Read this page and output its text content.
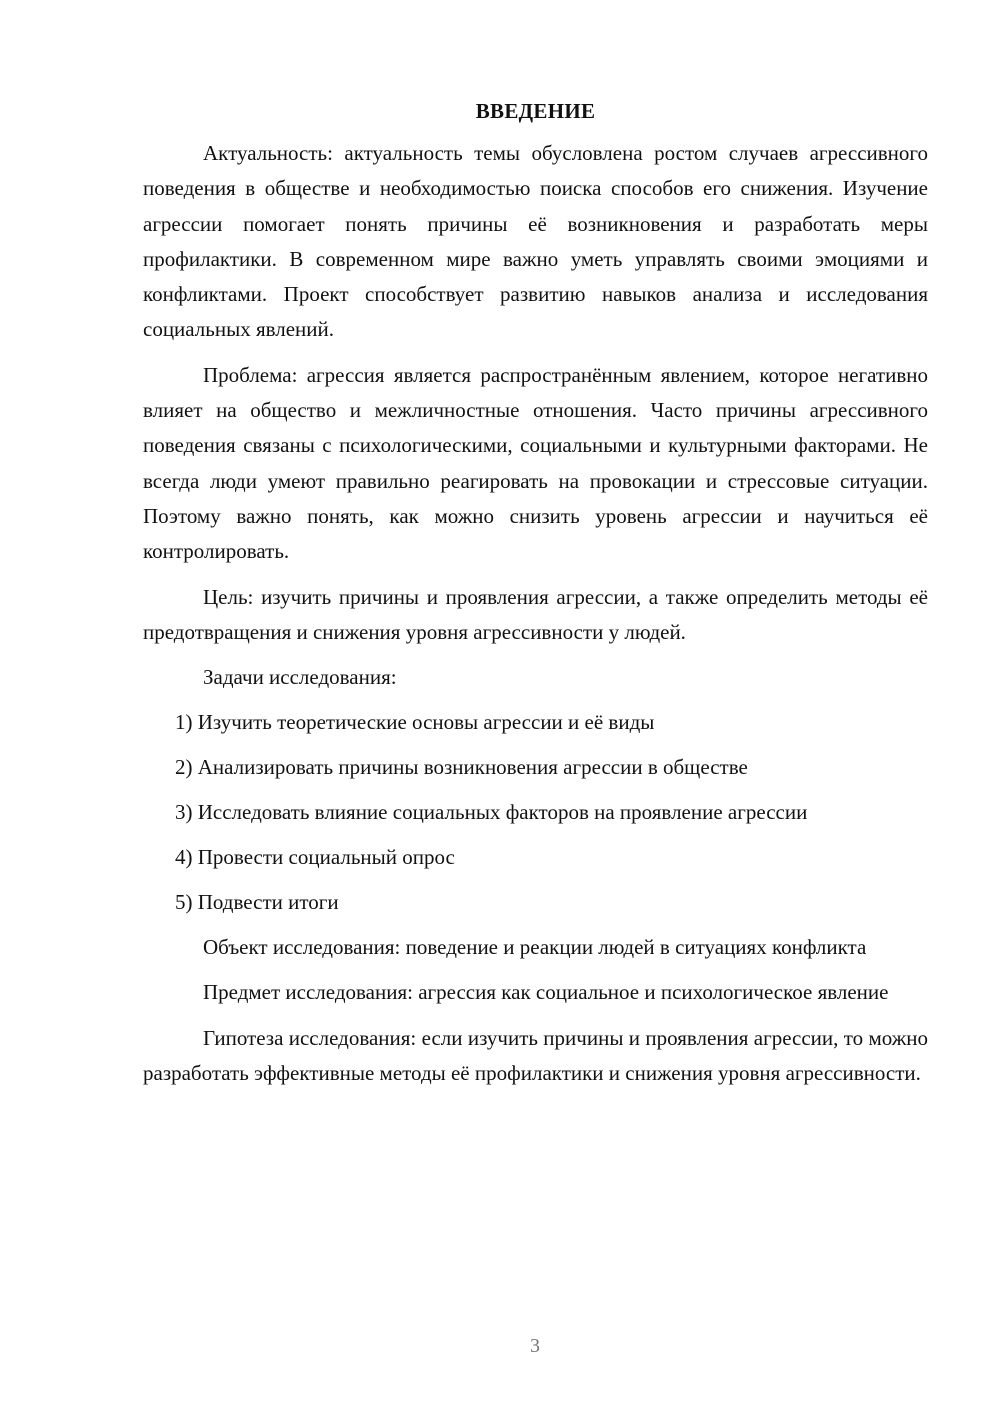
ВВЕДЕНИЕ

Актуальность: актуальность темы обусловлена ростом случаев агрессивного поведения в обществе и необходимостью поиска способов его снижения. Изучение агрессии помогает понять причины её возникновения и разработать меры профилактики. В современном мире важно уметь управлять своими эмоциями и конфликтами. Проект способствует развитию навыков анализа и исследования социальных явлений.

Проблема: агрессия является распространённым явлением, которое негативно влияет на общество и межличностные отношения. Часто причины агрессивного поведения связаны с психологическими, социальными и культурными факторами. Не всегда люди умеют правильно реагировать на провокации и стрессовые ситуации. Поэтому важно понять, как можно снизить уровень агрессии и научиться её контролировать.

Цель: изучить причины и проявления агрессии, а также определить методы её предотвращения и снижения уровня агрессивности у людей.

Задачи исследования:
1) Изучить теоретические основы агрессии и её виды
2) Анализировать причины возникновения агрессии в обществе
3) Исследовать влияние социальных факторов на проявление агрессии
4) Провести социальный опрос
5) Подвести итоги

Объект исследования: поведение и реакции людей в ситуациях конфликта

Предмет исследования: агрессия как социальное и психологическое явление

Гипотеза исследования: если изучить причины и проявления агрессии, то можно разработать эффективные методы её профилактики и снижения уровня агрессивности.

3
